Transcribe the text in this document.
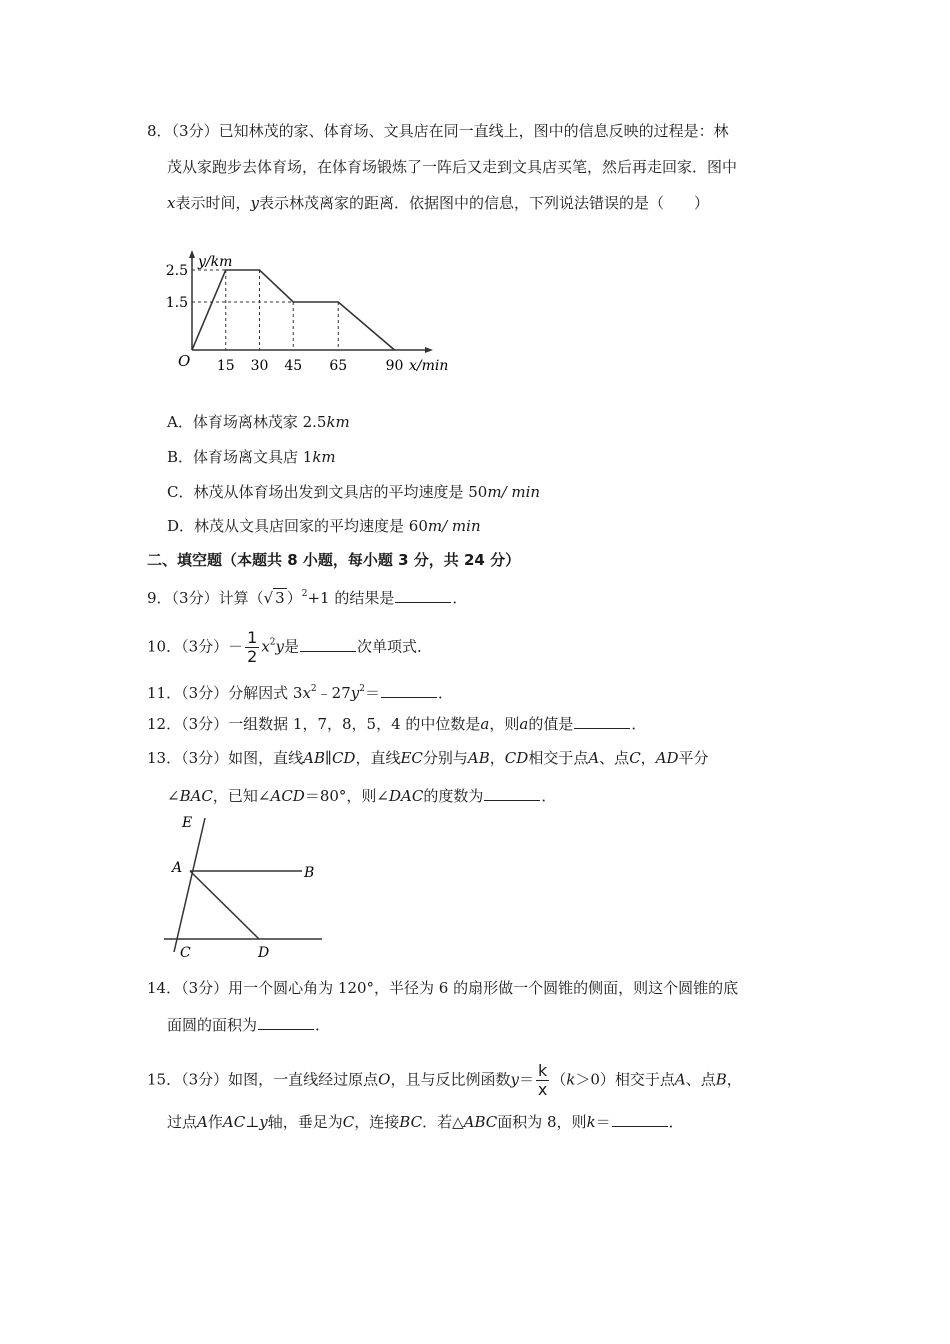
8．（3分）已知林茂的家、体育场、文具店在同一直线上，图中的信息反映的过程是：林
茂从家跑步去体育场，在体育场锻炼了一阵后又走到文具店买笔，然后再走回家．图中
x表示时间，y表示林茂离家的距离．依据图中的信息，下列说法错误的是（　　）
15 30 45 65	90
2.5
1.5
O	x/min
y/km
A．体育场离林茂家 2.5km
B．体育场离文具店 1km
C．林茂从体育场出发到文具店的平均速度是 50m/ min
D．林茂从文具店回家的平均速度是 60m/ min
二、填空题（本题共 8 小题，每小题 3 分，共 24 分）
9．（3分）计算（√ 3 ）$^2$+1 的结果是	．
10．（3分）－ $\frac{1}{2} x^2y$是	次单项式．
11．（3分）分解因式 $3x^2﹣27y^2=$	．
12．（3分）一组数据 1，7，8，5，4 的中位数是a，则a的值是	．
13．（3分）如图，直线AB∥CD，直线EC分别与AB，CD相交于点A、点C，AD平分
∠BAC，已知∠ACD＝80°，则∠DAC的度数为	．
E
A	B
C	D
14．（3分）用一个圆心角为 120°，半径为 6 的扇形做一个圆锥的侧面，则这个圆锥的底
面圆的面积为	．
15．（3分）如图，一直线经过原点O，且与反比例函数$y= \frac{k}{x} (k>0)$相交于点A、点B，
过点A作AC⊥y轴，垂足为C，连接BC．若△ABC面积为 8，则k＝	．
